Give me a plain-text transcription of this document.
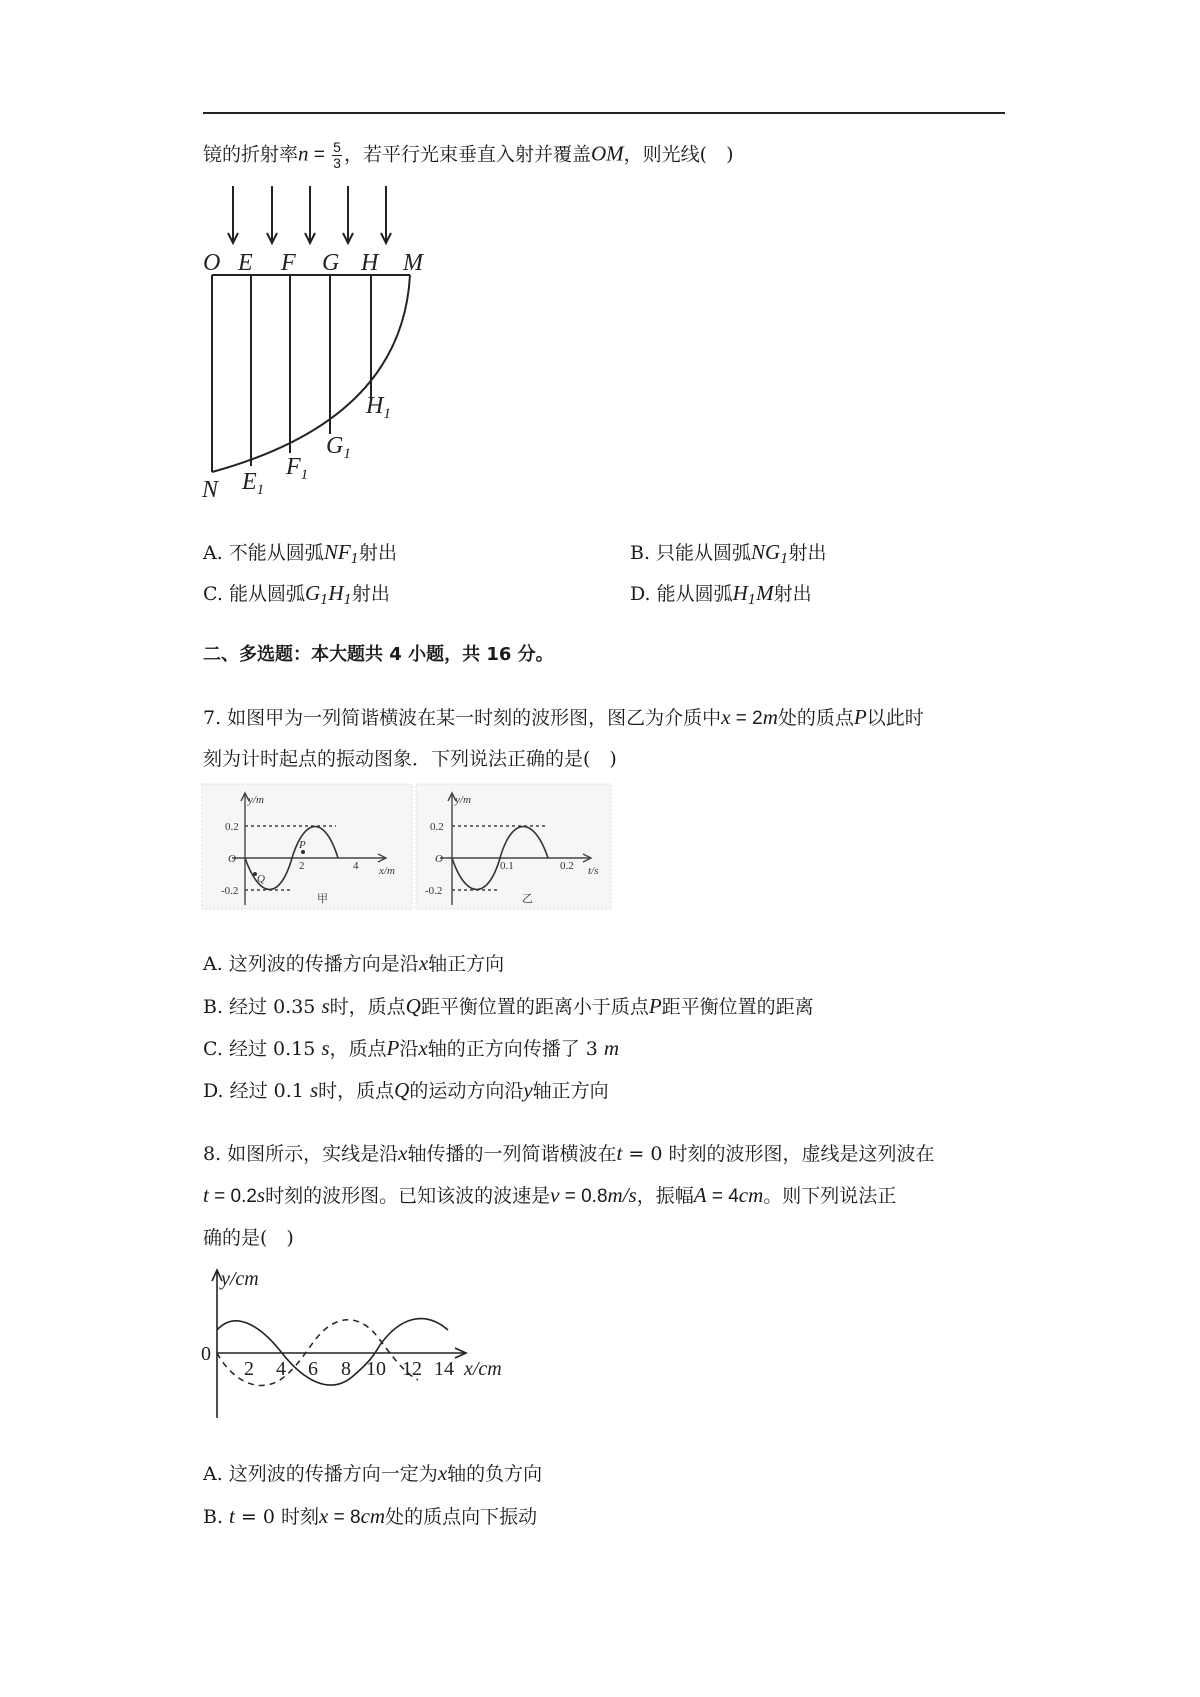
镜的折射率$n = \frac{5}{3}$ ，若平行光束垂直入射并覆盖OM，则光线(　)
O E F G H M
N $E_1$
$F_1$
$G_1$
$H_1$
A. 不能从圆弧$NF_1$射出	B. 只能从圆弧$NG_1$射出
C. 能从圆弧$G_1H_1$射出	D. 能从圆弧$H_1M$射出
二、多选题：本大题共 4 小题，共 16 分。
7. 如图甲为一列简谐横波在某一时刻的波形图，图乙为介质中x = 2m处的质点P以此时
刻为计时起点的振动图象．下列说法正确的是(　)
y/m
0.2
-0.2
O
2	4 x/m
P
Q
甲
y/m
0.2
-0.2
O
0.1	0.2 t/s
乙
A. 这列波的传播方向是沿x轴正方向
B. 经过 0.35 s时，质点Q距平衡位置的距离小于质点P距平衡位置的距离
C. 经过 0.15 s，质点P沿x轴的正方向传播了 3 m
D. 经过 0.1 s时，质点Q的运动方向沿y轴正方向
8. 如图所示，实线是沿x轴传播的一列简谐横波在t = 0 时刻的波形图，虚线是这列波在
t = 0.2s时刻的波形图。已知该波的波速是v = 0.8m/s，振幅A = 4cm。则下列说法正
确的是(　)
y/cm
0
2 4 6 8 10 12 14 x/cm
A. 这列波的传播方向一定为x轴的负方向
B. t = 0 时刻x = 8cm处的质点向下振动
